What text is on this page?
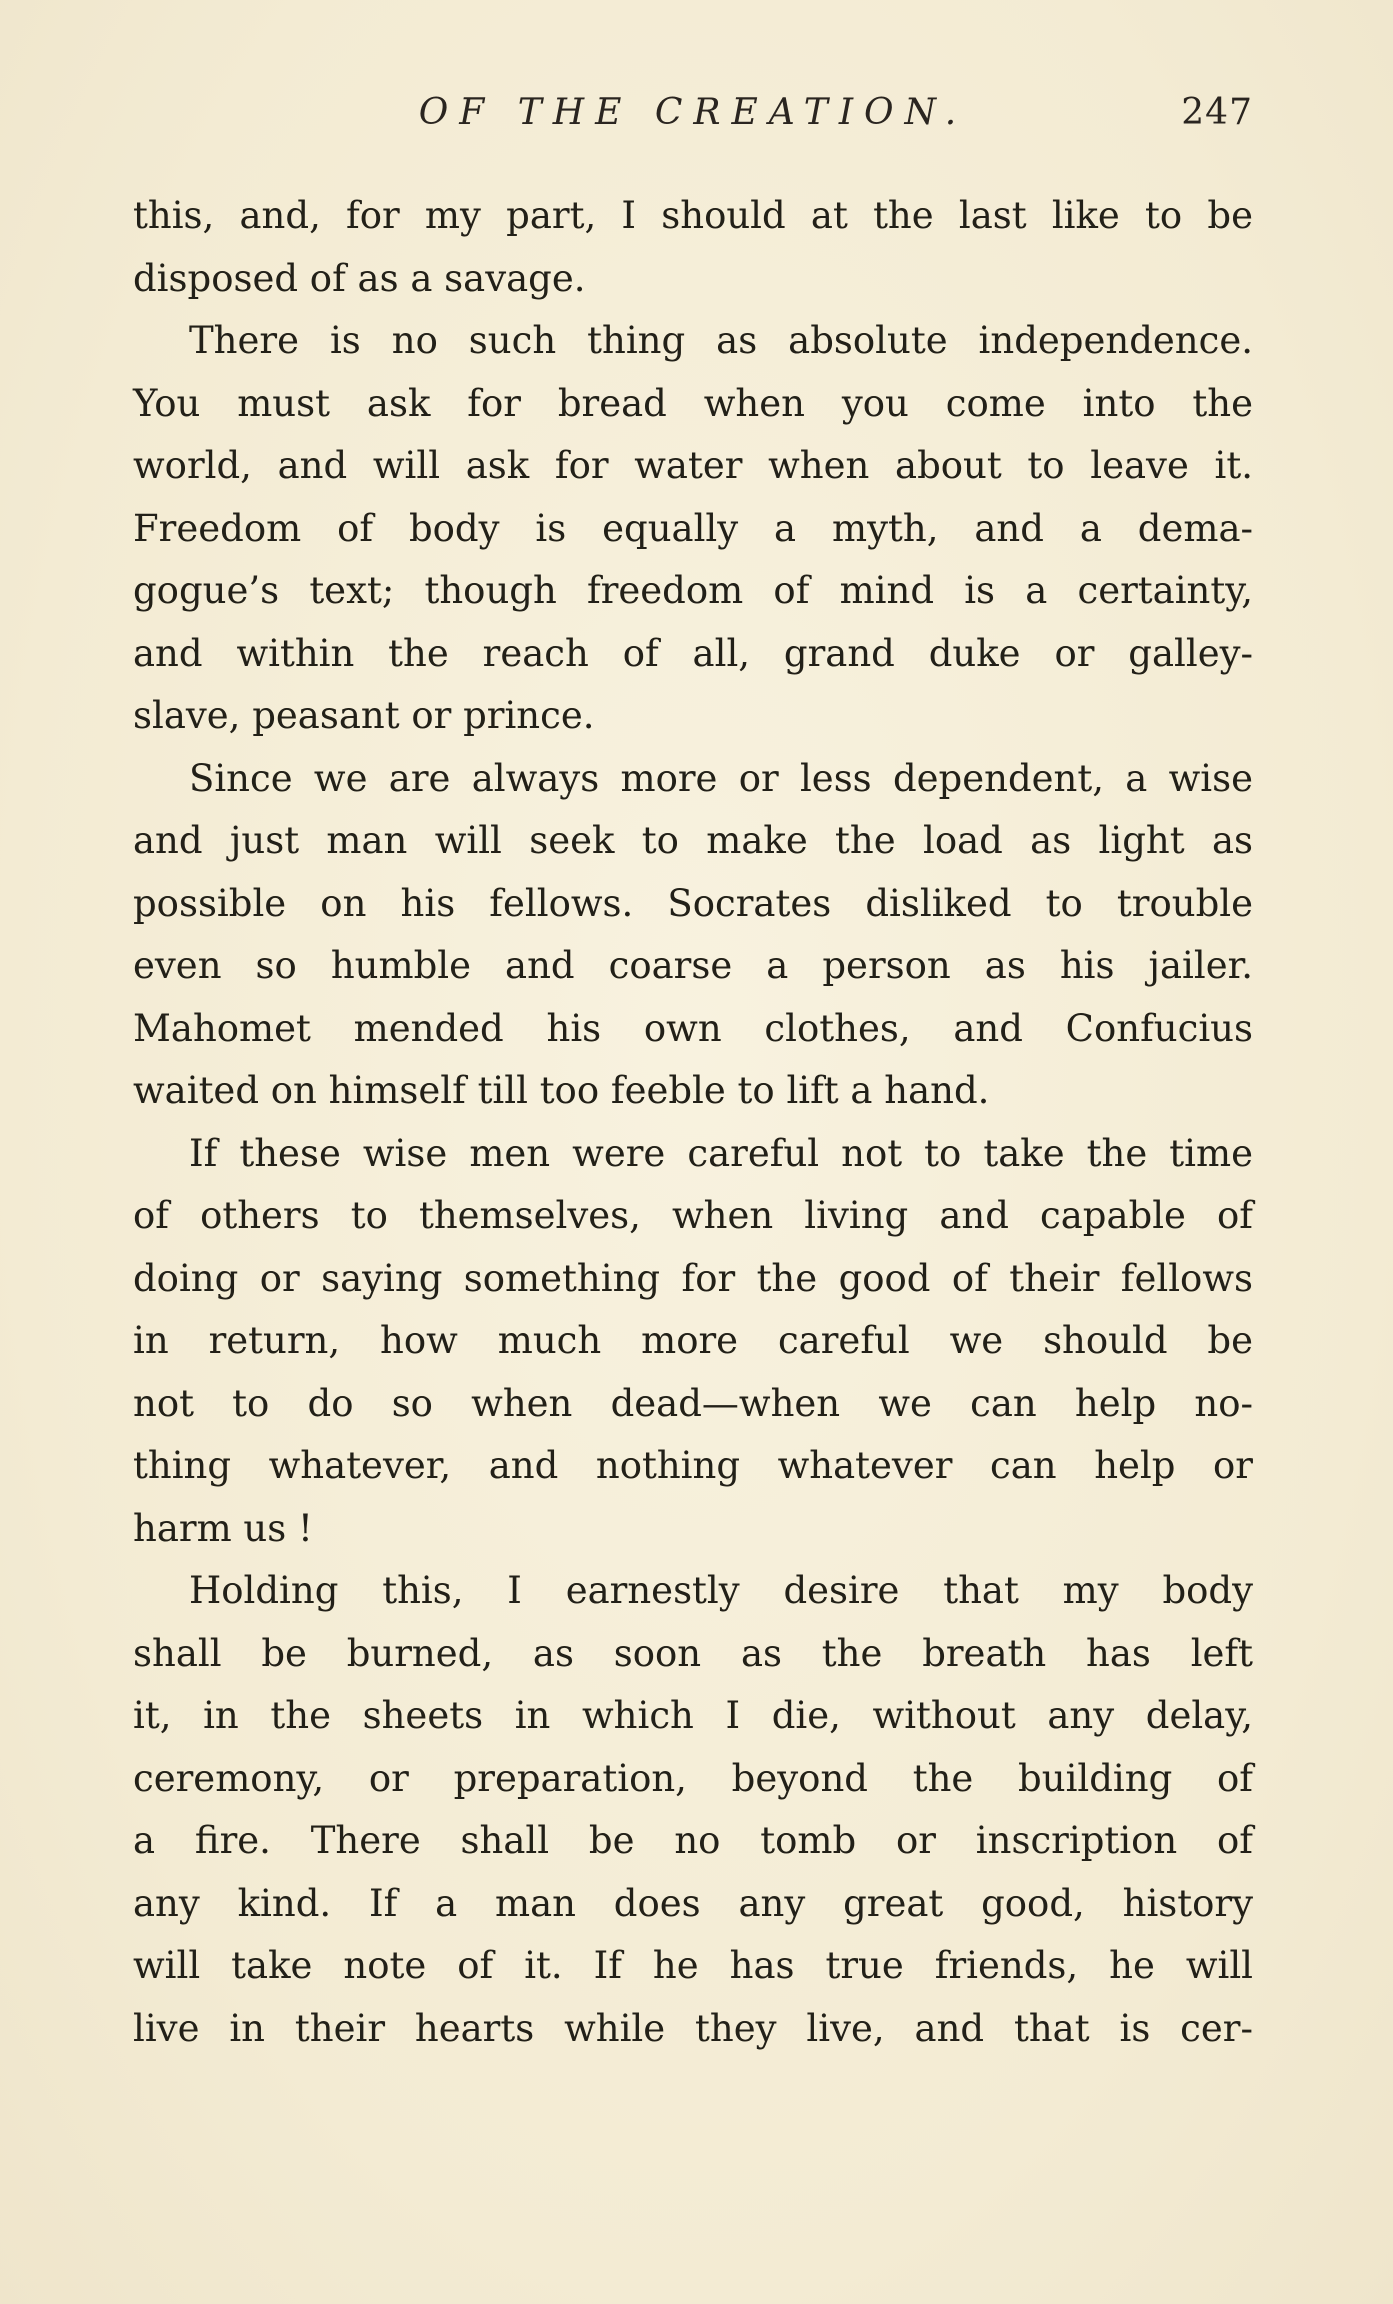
OF THE CREATION.	247
this, and, for my part, I should at the last like to be
disposed of as a savage.
There is no such thing as absolute independence.
You must ask for bread when you come into the
world, and will ask for water when about to leave it.
Freedom of body is equally a myth, and a dema-
gogue’s text; though freedom of mind is a certainty,
and within the reach of all, grand duke or galley-
slave, peasant or prince.
Since we are always more or less dependent, a wise
and just man will seek to make the load as light as
possible on his fellows. Socrates disliked to trouble
even so humble and coarse a person as his jailer.
Mahomet mended his own clothes, and Confucius
waited on himself till too feeble to lift a hand.
If these wise men were careful not to take the time
of others to themselves, when living and capable of
doing or saying something for the good of their fellows
in return, how much more careful we should be
not to do so when dead—when we can help no-
thing whatever, and nothing whatever can help or
harm us !
Holding this, I earnestly desire that my body
shall be burned, as soon as the breath has left
it, in the sheets in which I die, without any delay,
ceremony, or preparation, beyond the building of
a fire. There shall be no tomb or inscription of
any kind. If a man does any great good, history
will take note of it. If he has true friends, he will
live in their hearts while they live, and that is cer-
